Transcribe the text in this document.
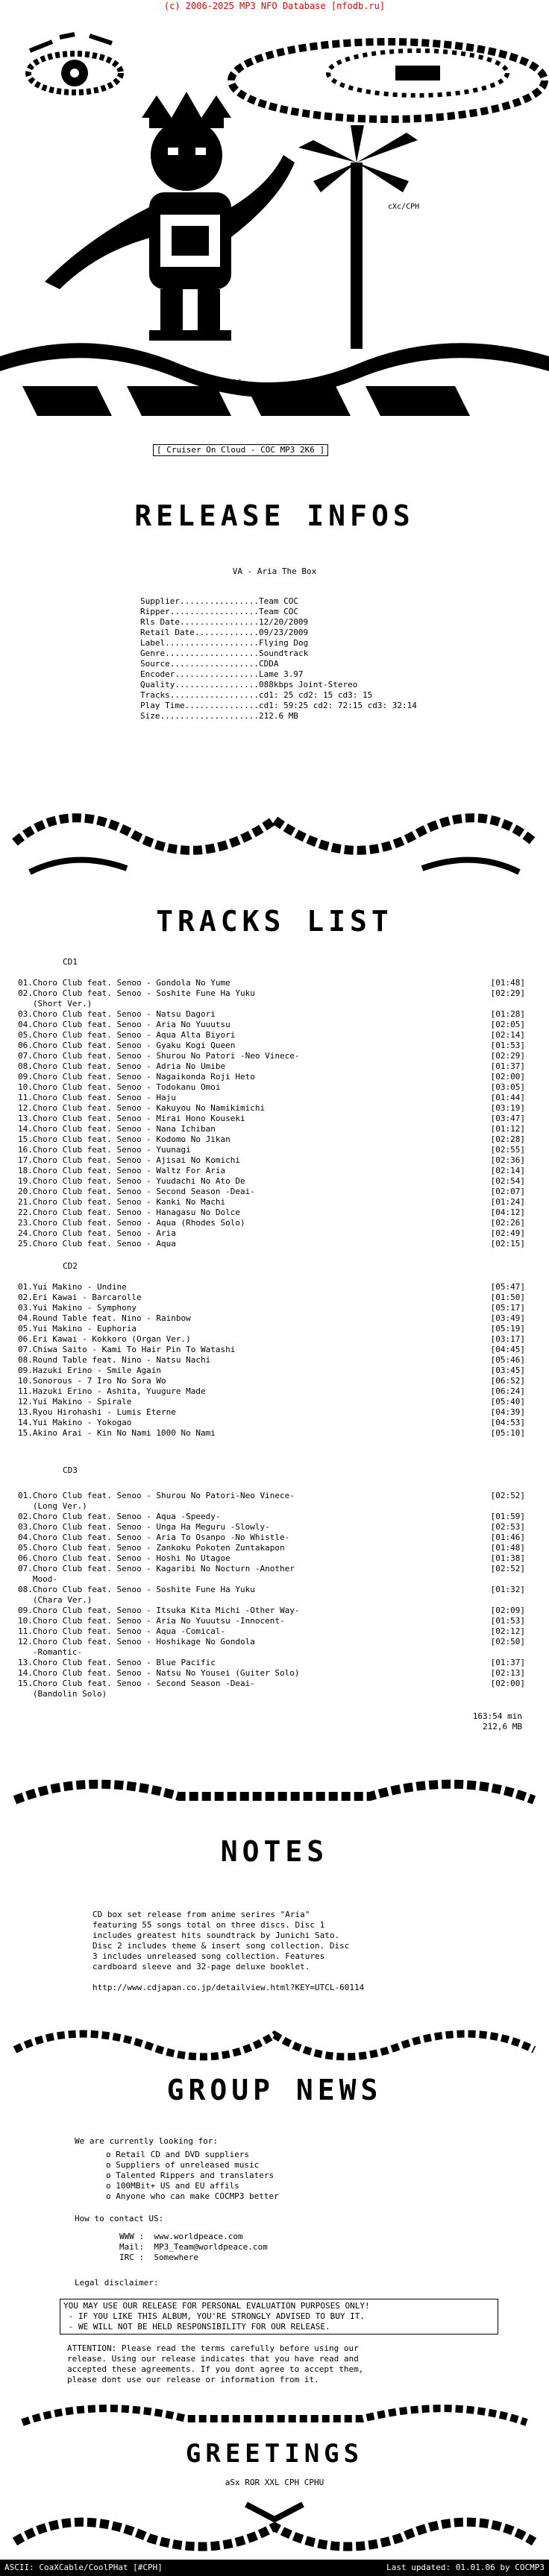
(c) 2006-2025 MP3 NFO Database [nfodb.ru]
cXc/CPH
2006
[ Cruiser On Cloud - COC MP3 2K6 ]
RELEASE INFOS
VA - Aria The Box
Supplier................Team COC
Ripper..................Team COC
Rls Date................12/20/2009
Retail Date.............09/23/2009
Label...................Flying Dog
Genre...................Soundtrack
Source..................CDDA
Encoder.................Lame 3.97
Quality.................088kbps Joint-Stereo
Tracks..................cd1: 25 cd2: 15 cd3: 15
Play Time...............cd1: 59:25 cd2: 72:15 cd3: 32:14
Size....................212.6 MB
TRACKS LIST
CD1
01.Choro Club feat. Senoo - Gondola No Yume	[01:48]
02.Choro Club feat. Senoo - Soshite Fune Ha Yuku	[02:29]
(Short Ver.)
03.Choro Club feat. Senoo - Natsu Dagori	[01:28]
04.Choro Club feat. Senoo - Aria No Yuuutsu	[02:05]
05.Choro Club feat. Senoo - Aqua Alta Biyori	[02:14]
06.Choro Club feat. Senoo - Gyaku Kogi Queen	[01:53]
07.Choro Club feat. Senoo - Shurou No Patori -Neo Vinece-	[02:29]
08.Choro Club feat. Senoo - Adria No Umibe	[01:37]
09.Choro Club feat. Senoo - Nagaikonda Roji Heto	[02:00]
10.Choro Club feat. Senoo - Todokanu Omoi	[03:05]
11.Choro Club feat. Senoo - Haju	[01:44]
12.Choro Club feat. Senoo - Kakuyou No Namikimichi	[03:19]
13.Choro Club feat. Senoo - Mirai Hono Kouseki	[03:47]
14.Choro Club feat. Senoo - Nana Ichiban	[01:12]
15.Choro Club feat. Senoo - Kodomo No Jikan	[02:28]
16.Choro Club feat. Senoo - Yuunagi	[02:55]
17.Choro Club feat. Senoo - Ajisai No Komichi	[02:36]
18.Choro Club feat. Senoo - Waltz For Aria	[02:14]
19.Choro Club feat. Senoo - Yuudachi No Ato De	[02:54]
20.Choro Club feat. Senoo - Second Season -Deai-	[02:07]
21.Choro Club feat. Senoo - Kanki No Machi	[01:24]
22.Choro Club feat. Senoo - Hanagasu No Dolce	[04:12]
23.Choro Club feat. Senoo - Aqua (Rhodes Solo)	[02:26]
24.Choro Club feat. Senoo - Aria	[02:49]
25.Choro Club feat. Senoo - Aqua	[02:15]
CD2
01.Yui Makino - Undine	[05:47]
02.Eri Kawai - Barcarolle	[01:50]
03.Yui Makino - Symphony	[05:17]
04.Round Table feat. Nino - Rainbow	[03:49]
05.Yui Makino - Euphoria	[05:19]
06.Eri Kawai - Kokkoro (Organ Ver.)	[03:17]
07.Chiwa Saito - Kami To Hair Pin To Watashi	[04:45]
08.Round Table feat. Nino - Natsu Nachi	[05:46]
09.Hazuki Erino - Smile Again	[03:45]
10.Sonorous - 7 Iro No Sora Wo	[06:52]
11.Hazuki Erino - Ashita, Yuugure Made	[06:24]
12.Yui Makino - Spirale	[05:40]
13.Ryou Hirohashi - Lumis Eterne	[04:39]
14.Yui Makino - Yokogao	[04:53]
15.Akino Arai - Kin No Nami 1000 No Nami	[05:10]
CD3
01.Choro Club feat. Senoo - Shurou No Patori-Neo Vinece-	[02:52]
(Long Ver.)
02.Choro Club feat. Senoo - Aqua -Speedy-	[01:59]
03.Choro Club feat. Senoo - Unga Ha Meguru -Slowly-	[02:53]
04.Choro Club feat. Senoo - Aria To Osanpo -No Whistle-	[01:46]
05.Choro Club feat. Senoo - Zankoku Pokoten Zuntakapon	[01:48]
06.Choro Club feat. Senoo - Hoshi No Utagoe	[01:38]
07.Choro Club feat. Senoo - Kagaribi No Nocturn -Another	[02:52]
Mood-
08.Choro Club feat. Senoo - Soshite Fune Ha Yuku	[01:32]
(Chara Ver.)
09.Choro Club feat. Senoo - Itsuka Kita Michi -Other Way-	[02:09]
10.Choro Club feat. Senoo - Aria No Yuuutsu -Innocent-	[01:53]
11.Choro Club feat. Senoo - Aqua -Comical-	[02:12]
12.Choro Club feat. Senoo - Hoshikage No Gondola	[02:50]
-Romantic-
13.Choro Club feat. Senoo - Blue Pacific	[01:37]
14.Choro Club feat. Senoo - Natsu No Yousei (Guiter Solo)	[02:13]
15.Choro Club feat. Senoo - Second Season -Deai-	[02:00]
(Bandolin Solo)
163:54 min
212,6 MB
NOTES
CD box set release from anime serires "Aria"
featuring 55 songs total on three discs. Disc 1
includes greatest hits soundtrack by Junichi Sato.
Disc 2 includes theme & insert song collection. Disc
3 includes unreleased song collection. Features
cardboard sleeve and 32-page deluxe booklet.
http://www.cdjapan.co.jp/detailview.html?KEY=UTCL-60114
GROUP NEWS
We are currently looking for:
o Retail CD and DVD suppliers
o Suppliers of unreleased music
o Talented Rippers and translaters
o 100MBit+ US and EU affils
o Anyone who can make COCMP3 better
How to contact US:
WWW : www.worldpeace.com
Mail: MP3_Team@worldpeace.com
IRC : Somewhere
Legal disclaimer:
YOU MAY USE OUR RELEASE FOR PERSONAL EVALUATION PURPOSES ONLY!
- IF YOU LIKE THIS ALBUM, YOU'RE STRONGLY ADVISED TO BUY IT.
- WE WILL NOT BE HELD RESPONSIBILITY FOR OUR RELEASE.
ATTENTION: Please read the terms carefully before using our
release. Using our release indicates that you have read and
accepted these agreements. If you dont agree to accept them,
please dont use our release or information from it.
GREETINGS
aSx ROR XXL CPH CPHU
ASCII: CoaXCable/CoolPHat [#CPH]	Last updated: 01.01.06 by COCMP3
